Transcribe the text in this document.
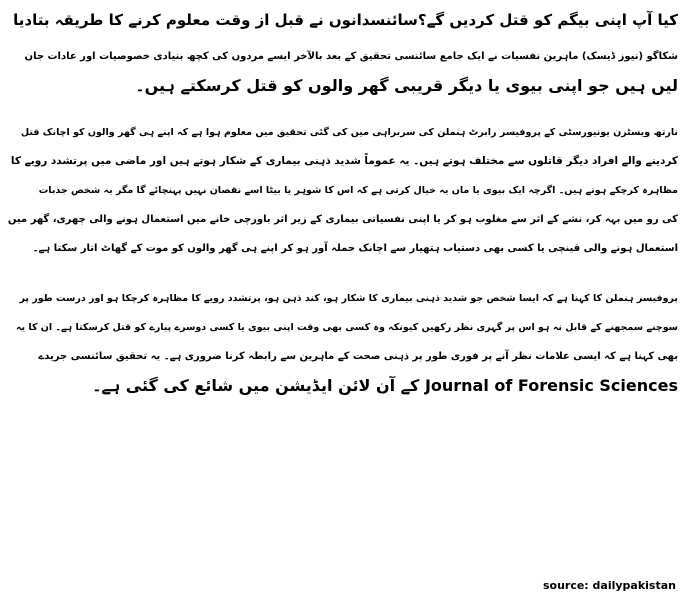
کیا آپ اپنی بیگم کو قتل کردیں گے؟سائنسدانوں نے قبل از وقت معلوم کرنے کا طریقہ بتادیا
شکاگو (نیوز ڈیسک) ماہرین نفسیات نے ایک جامع سائنسی تحقیق کے بعد بالآخر ایسے مردوں کی کچھ بنیادی خصوصیات اور عادات جان
لیں ہیں جو اپنی بیوی یا دیگر قریبی گھر والوں کو قتل کرسکتے ہیں۔
نارتھ ویسٹرن یونیورسٹی کے پروفیسر رابرٹ ہنملن کی سربراہی میں کی گئی تحقیق میں معلوم ہوا ہے کہ اپنے ہی گھر والوں کو اچانک قتل
کردینے والے افراد دیگر قاتلوں سے مختلف ہوتے ہیں۔ یہ عموماً شدید ذہنی بیماری کے شکار ہوتے ہیں اور ماضی میں پرتشدد رویے کا
مظاہرہ کرچکے ہوتے ہیں۔ اگرچہ ایک بیوی یا ماں یہ خیال کرتی ہے کہ اس کا شوہر یا بیٹا اسے نقصان نہیں پہنچائے گا مگر یہ شخص جذبات
کی رو میں بہہ کر، نشے کے اثر سے مغلوب ہو کر یا اپنی نفسیاتی بیماری کے زیر اثر باورچی خانے میں استعمال ہونے والی چھری، گھر میں
استعمال ہونے والی قینچی یا کسی بھی دستیاب ہتھیار سے اچانک حملہ آور ہو کر اپنے ہی گھر والوں کو موت کے گھاٹ اتار سکتا ہے۔
پروفیسر ہنملن کا کہنا ہے کہ ایسا شخص جو شدید ذہنی بیماری کا شکار ہو، کند ذہن ہو، پرتشدد رویے کا مظاہرہ کرچکا ہو اور درست طور پر
سوچنے سمجھنے کے قابل نہ ہو اس پر گہری نظر رکھیں کیونکہ وہ کسی بھی وقت اپنی بیوی یا کسی دوسرے پیارے کو قتل کرسکتا ہے۔ ان کا یہ
بھی کہنا ہے کہ ایسی علامات نظر آنے پر فوری طور پر ذہنی صحت کے ماہرین سے رابطہ کرنا ضروری ہے۔ یہ تحقیق سائنسی جریدے
Journal of Forensic Sciences کے آن لائن ایڈیشن میں شائع کی گئی ہے۔
source: dailypakistan
